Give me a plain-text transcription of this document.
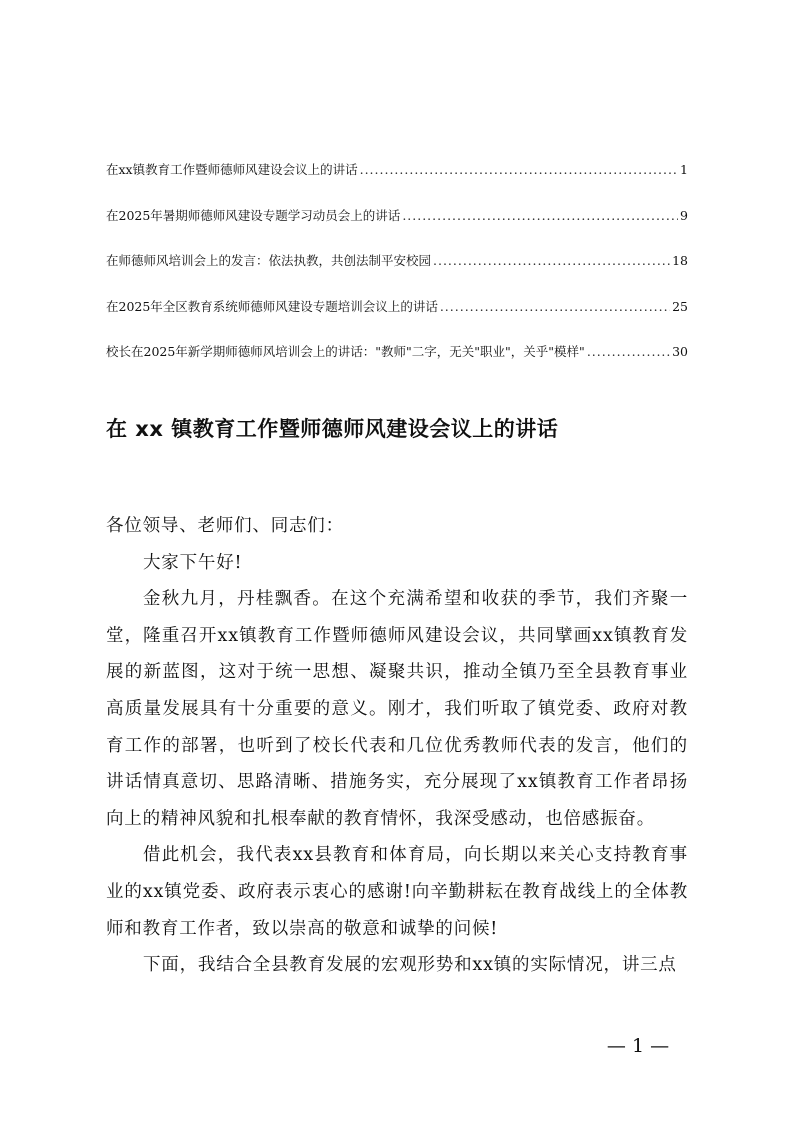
在xx镇教育工作暨师德师风建设会议上的讲话 .....	1
在2025年暑期师德师风建设专题学习动员会上的讲话 .....	9
在师德师风培训会上的发言：依法执教，共创法制平安校园 .....	18
在2025年全区教育系统师德师风建设专题培训会议上的讲话 .....	25
校长在2025年新学期师德师风培训会上的讲话："教师"二字，无关"职业"，关乎"模样" .....	30
在 xx 镇教育工作暨师德师风建设会议上的讲话

各位领导、老师们、同志们：

大家下午好!

金秋九月，丹桂飘香。在这个充满希望和收获的季节，我们齐聚一堂，隆重召开xx镇教育工作暨师德师风建设会议，共同擘画xx镇教育发展的新蓝图，这对于统一思想、凝聚共识，推动全镇乃至全县教育事业高质量发展具有十分重要的意义。刚才，我们听取了镇党委、政府对教育工作的部署，也听到了校长代表和几位优秀教师代表的发言，他们的讲话情真意切、思路清晰、措施务实，充分展现了xx镇教育工作者昂扬向上的精神风貌和扎根奉献的教育情怀，我深受感动，也倍感振奋。

借此机会，我代表xx县教育和体育局，向长期以来关心支持教育事业的xx镇党委、政府表示衷心的感谢!向辛勤耕耘在教育战线上的全体教师和教育工作者，致以崇高的敬意和诚挚的问候!

下面，我结合全县教育发展的宏观形势和xx镇的实际情况，讲三点

— 1 —
